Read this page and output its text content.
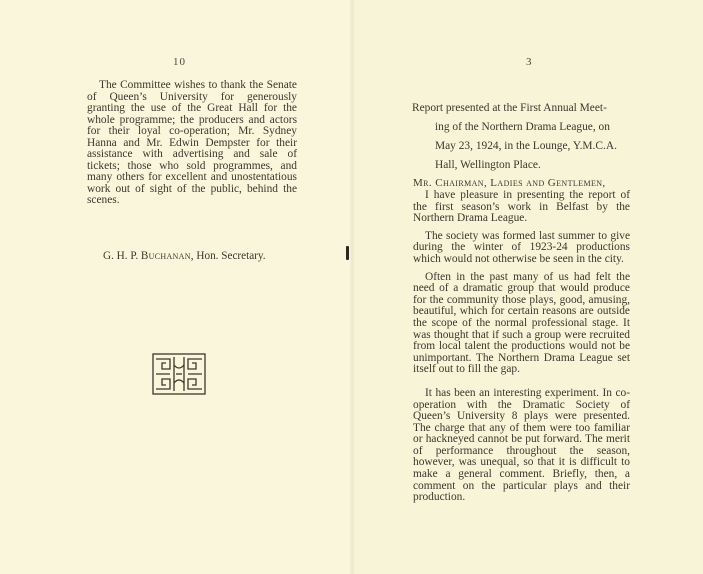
10	3

The Committee wishes to thank the Senate of Queen’s University for generously granting the use of the Great Hall for the whole programme; the producers and actors for their loyal co-operation; Mr. Sydney Hanna and Mr. Edwin Dempster for their assistance with advertising and sale of tickets; those who sold programmes, and many others for excellent and unostentatious work out of sight of the public, behind the scenes.

G. H. P. Buchanan, Hon. Secretary.

Report presented at the First Annual Meet-
ing of the Northern Drama League, on
May 23, 1924, in the Lounge, Y.M.C.A.
Hall, Wellington Place.

Mr. Chairman, Ladies and Gentlemen,

I have pleasure in presenting the report of the first season’s work in Belfast by the Northern Drama League.

The society was formed last summer to give during the winter of 1923-24 productions which would not otherwise be seen in the city.

Often in the past many of us had felt the need of a dramatic group that would produce for the community those plays, good, amusing, beautiful, which for certain reasons are outside the scope of the normal professional stage. It was thought that if such a group were recruited from local talent the productions would not be unimportant. The Northern Drama League set itself out to fill the gap.

It has been an interesting experiment. In co-operation with the Dramatic Society of Queen’s University 8 plays were presented. The charge that any of them were too familiar or hackneyed cannot be put forward. The merit of performance throughout the season, however, was unequal, so that it is difficult to make a general comment. Briefly, then, a comment on the particular plays and their production.
